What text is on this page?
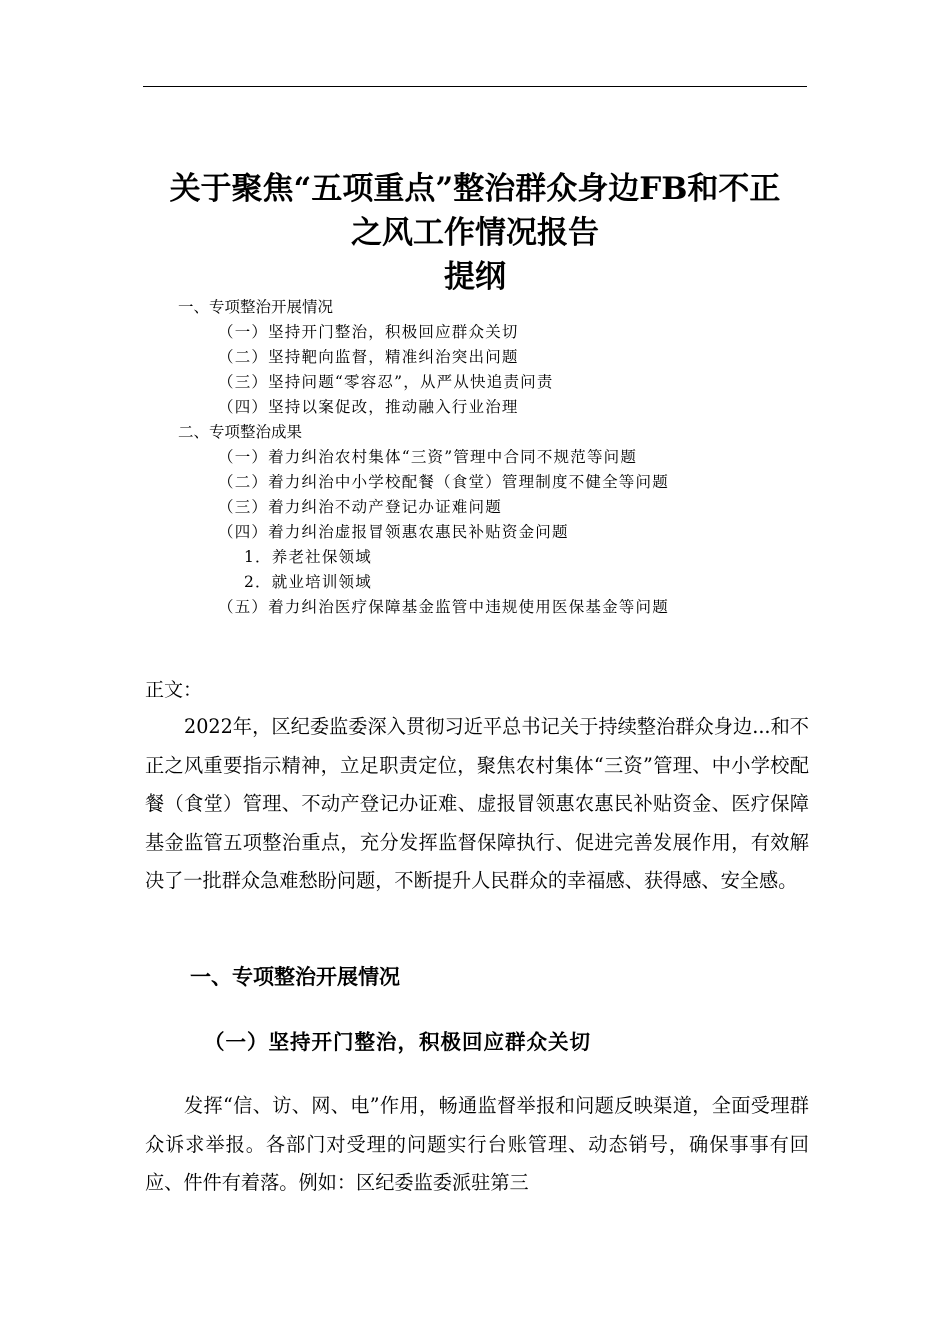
关于聚焦“五项重点”整治群众身边FB和不正
之风工作情况报告
提纲
一、专项整治开展情况
（一）坚持开门整治，积极回应群众关切
（二）坚持靶向监督，精准纠治突出问题
（三）坚持问题“零容忍”，从严从快追责问责
（四）坚持以案促改，推动融入行业治理
二、专项整治成果
（一）着力纠治农村集体“三资”管理中合同不规范等问题
（二）着力纠治中小学校配餐（食堂）管理制度不健全等问题
（三）着力纠治不动产登记办证难问题
（四）着力纠治虚报冒领惠农惠民补贴资金问题
1．养老社保领域
2．就业培训领域
（五）着力纠治医疗保障基金监管中违规使用医保基金等问题

正文：

2022年，区纪委监委深入贯彻习近平总书记关于持续整治群众身边...和不正之风重要指示精神，立足职责定位，聚焦农村集体“三资”管理、中小学校配餐（食堂）管理、不动产登记办证难、虚报冒领惠农惠民补贴资金、医疗保障基金监管五项整治重点，充分发挥监督保障执行、促进完善发展作用，有效解决了一批群众急难愁盼问题，不断提升人民群众的幸福感、获得感、安全感。

一、专项整治开展情况
（一）坚持开门整治，积极回应群众关切

发挥“信、访、网、电”作用，畅通监督举报和问题反映渠道，全面受理群众诉求举报。各部门对受理的问题实行台账管理、动态销号，确保事事有回应、件件有着落。例如：区纪委监委派驻第三
